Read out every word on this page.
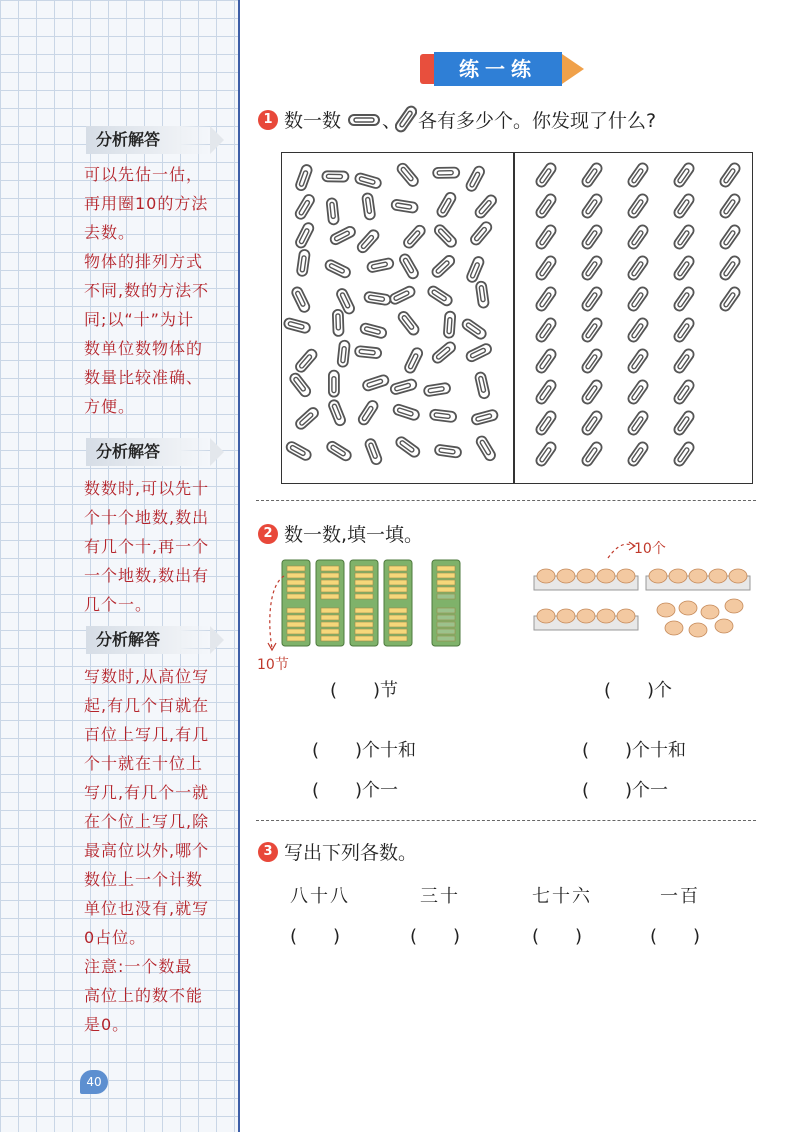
分析解答
可以先估一估，
再用圈10的方法
去数。
物体的排列方式
不同,数的方法不
同;以“十”为计
数单位数物体的
数量比较准确、
方便。
分析解答
数数时,可以先十
个十个地数,数出
有几个十,再一个
一个地数,数出有
几个一。
分析解答
写数时,从高位写
起,有几个百就在
百位上写几,有几
个十就在十位上
写几,有几个一就
在个位上写几,除
最高位以外,哪个
数位上一个计数
单位也没有,就写
0占位。
注意:一个数最
高位上的数不能
是0。
40
练一练
1 数一数 、 各有多少个。你发现了什么?
2 数一数,填一填。
10节
10个
(　　)节	(　　)个
(　　)个十和	(　　)个十和
(　　)个一	(　　)个一
3 写出下列各数。
八十八	三十	七十六	一百
(　　)	(　　)	(　　)	(　　)
